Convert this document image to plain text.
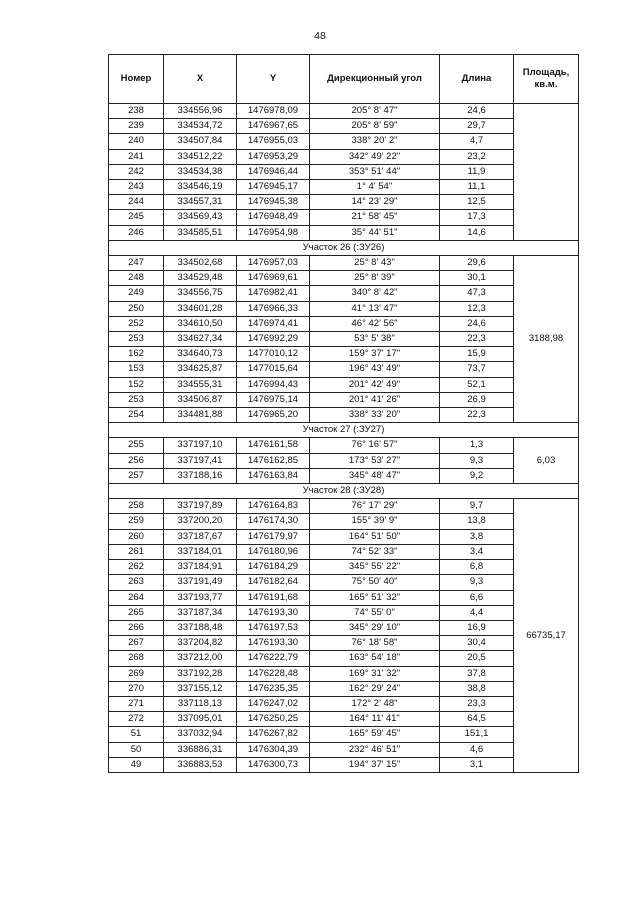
48
Номер	X	Y	Дирекционный угол	Длина	Площадь, кв.м.
238	334556,96	1476978,09	205° 8' 47"	24,6	
239	334534,72	1476967,65	205° 8' 59"	29,7	
240	334507,84	1476955,03	338° 20' 2"	4,7	
241	334512,22	1476953,29	342° 49' 22"	23,2	
242	334534,38	1476946,44	353° 51' 44"	11,9	
243	334546,19	1476945,17	1° 4' 54"	11,1	
244	334557,31	1476945,38	14° 23' 29"	12,5	
245	334569,43	1476948,49	21° 58' 45"	17,3	
246	334585,51	1476954,98	35° 44' 51"	14,6	
Участок 26 (:ЗУ26)					
247	334502,68	1476957,03	25° 8' 43"	29,6	3188,98
248	334529,48	1476969,61	25° 8' 39"	30,1	
249	334556,75	1476982,41	340° 8' 42"	47,3	
250	334601,28	1476966,33	41° 13' 47"	12,3	
252	334610,50	1476974,41	46° 42' 56"	24,6	
253	334627,34	1476992,29	53° 5' 38"	22,3	
162	334640,73	1477010,12	159° 37' 17"	15,9	
153	334625,87	1477015,64	196° 43' 49"	73,7	
152	334555,31	1476994,43	201° 42' 49"	52,1	
253	334506,87	1476975,14	201° 41' 26"	26,9	
254	334481,88	1476965,20	338° 33' 20"	22,3	
Участок 27 (:ЗУ27)					
255	337197,10	1476161,58	76° 16' 57"	1,3	6,03
256	337197,41	1476162,85	173° 53' 27"	9,3	
257	337188,16	1476163,84	345° 48' 47"	9,2	
Участок 28 (:ЗУ28)					
258	337197,89	1476164,83	76° 17' 29"	9,7	66735,17
259	337200,20	1476174,30	155° 39' 9"	13,8	
260	337187,67	1476179,97	164° 51' 50"	3,8	
261	337184,01	1476180,96	74° 52' 33"	3,4	
262	337184,91	1476184,29	345° 55' 22"	6,8	
263	337191,49	1476182,64	75° 50' 40"	9,3	
264	337193,77	1476191,68	165° 51' 32"	6,6	
265	337187,34	1476193,30	74° 55' 0"	4,4	
266	337188,48	1476197,53	345° 29' 10"	16,9	
267	337204,82	1476193,30	76° 18' 58"	30,4	
268	337212,00	1476222,79	163° 54' 18"	20,5	
269	337192,28	1476228,48	169° 31' 32"	37,8	
270	337155,12	1476235,35	162° 29' 24"	38,8	
271	337118,13	1476247,02	172° 2' 48"	23,3	
272	337095,01	1476250,25	164° 11' 41"	64,5	
51	337032,94	1476267,82	165° 59' 45"	151,1	
50	336886,31	1476304,39	232° 46' 51"	4,6	
49	336883,53	1476300,73	194° 37' 15"	3,1	
